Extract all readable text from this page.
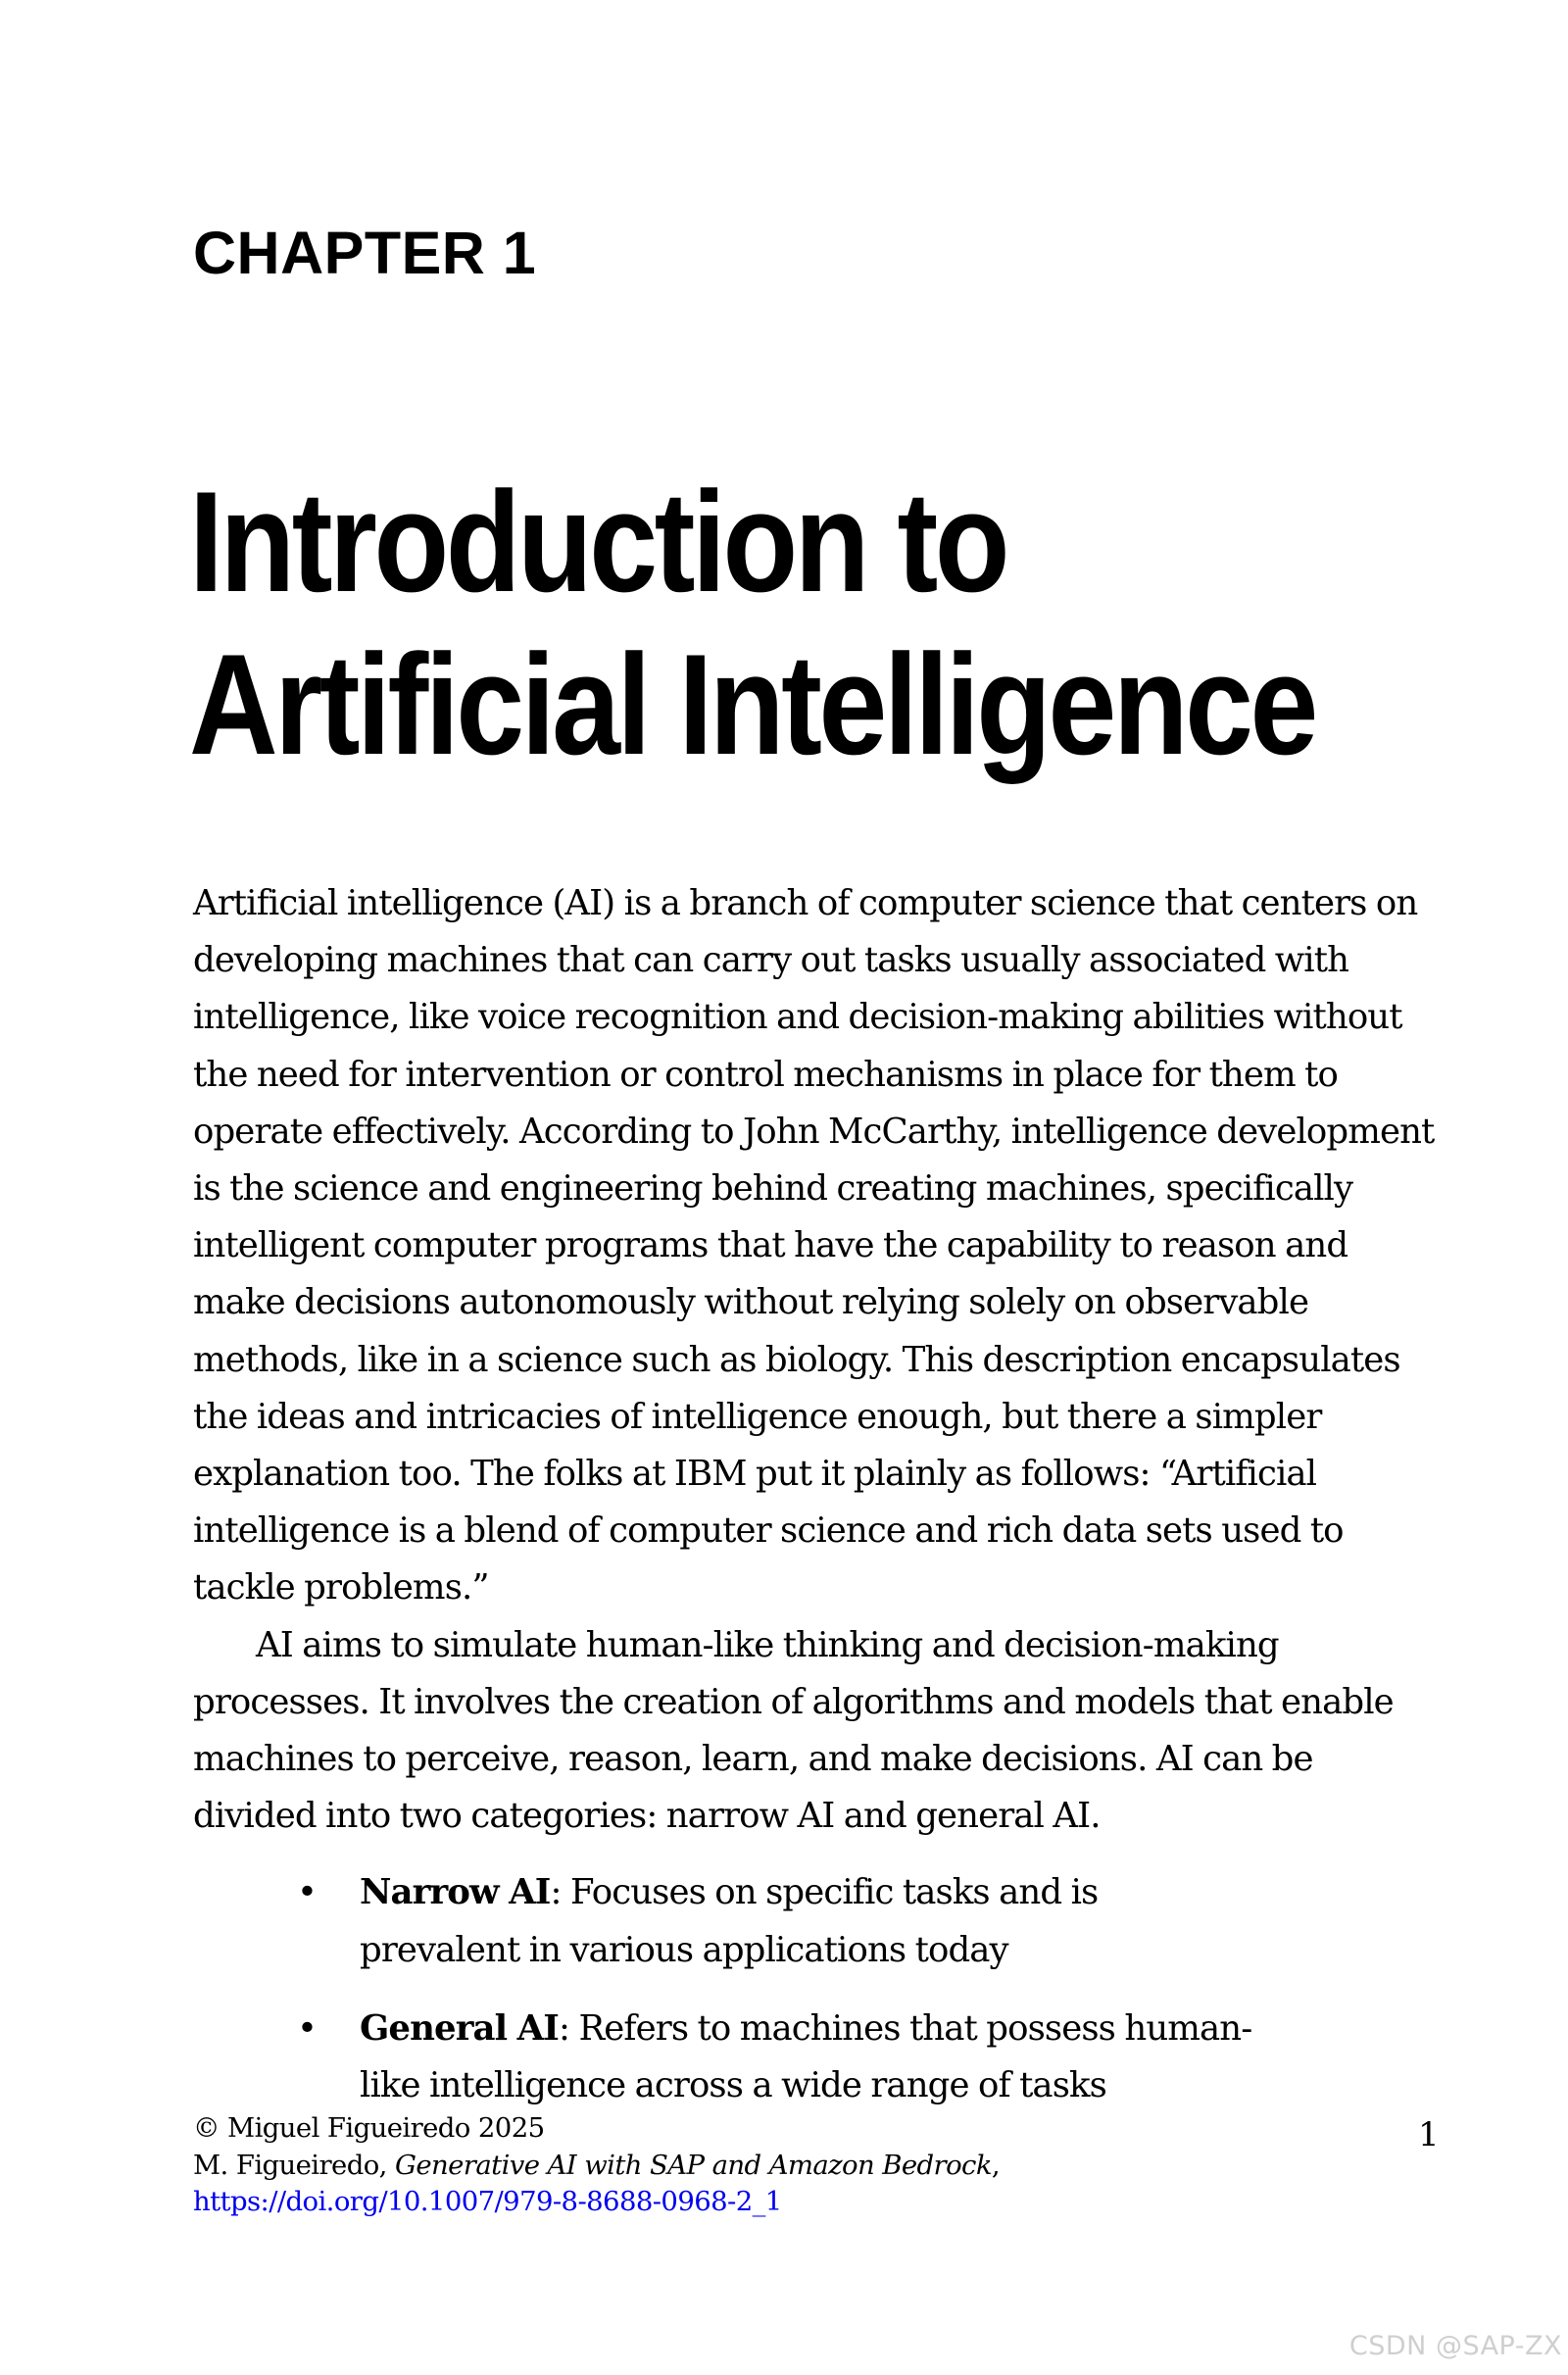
CHAPTER 1
Introduction to
Artificial Intelligence

Artificial intelligence (AI) is a branch of computer science that centers on developing machines that can carry out tasks usually associated with intelligence, like voice recognition and decision-making abilities without the need for intervention or control mechanisms in place for them to operate effectively. According to John McCarthy, intelligence development is the science and engineering behind creating machines, specifically intelligent computer programs that have the capability to reason and make decisions autonomously without relying solely on observable methods, like in a science such as biology. This description encapsulates the ideas and intricacies of intelligence enough, but there a simpler explanation too. The folks at IBM put it plainly as follows: “Artificial intelligence is a blend of computer science and rich data sets used to tackle problems.”

AI aims to simulate human-like thinking and decision-making processes. It involves the creation of algorithms and models that enable machines to perceive, reason, learn, and make decisions. AI can be divided into two categories: narrow AI and general AI.

• Narrow AI: Focuses on specific tasks and is prevalent in various applications today
• General AI: Refers to machines that possess human-like intelligence across a wide range of tasks
© Miguel Figueiredo 2025
M. Figueiredo, Generative AI with SAP and Amazon Bedrock,
https://doi.org/10.1007/979-8-8688-0968-2_1
1
CSDN @SAP-ZX
